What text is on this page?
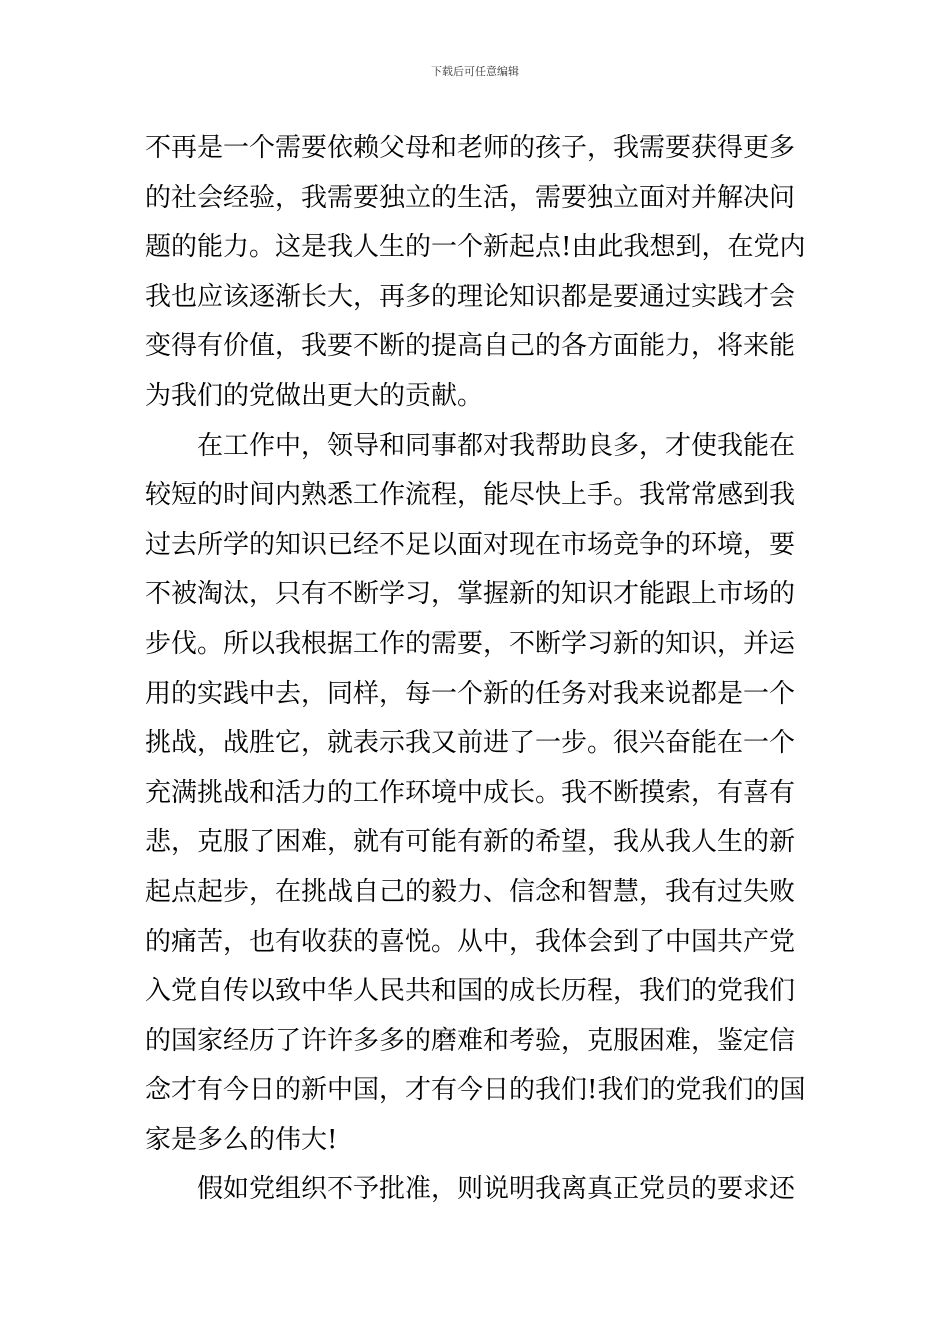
下载后可任意编辑
不再是一个需要依赖父母和老师的孩子，我需要获得更多
的社会经验，我需要独立的生活，需要独立面对并解决问
题的能力。这是我人生的一个新起点!由此我想到，在党内
我也应该逐渐长大，再多的理论知识都是要通过实践才会
变得有价值，我要不断的提高自己的各方面能力，将来能
为我们的党做出更大的贡献。
　　在工作中，领导和同事都对我帮助良多，才使我能在
较短的时间内熟悉工作流程，能尽快上手。我常常感到我
过去所学的知识已经不足以面对现在市场竞争的环境，要
不被淘汰，只有不断学习，掌握新的知识才能跟上市场的
步伐。所以我根据工作的需要，不断学习新的知识，并运
用的实践中去，同样，每一个新的任务对我来说都是一个
挑战，战胜它，就表示我又前进了一步。很兴奋能在一个
充满挑战和活力的工作环境中成长。我不断摸索，有喜有
悲，克服了困难，就有可能有新的希望，我从我人生的新
起点起步，在挑战自己的毅力、信念和智慧，我有过失败
的痛苦，也有收获的喜悦。从中，我体会到了中国共产党
入党自传以致中华人民共和国的成长历程，我们的党我们
的国家经历了许许多多的磨难和考验，克服困难，鉴定信
念才有今日的新中国，才有今日的我们!我们的党我们的国
家是多么的伟大!
　　假如党组织不予批准，则说明我离真正党员的要求还
